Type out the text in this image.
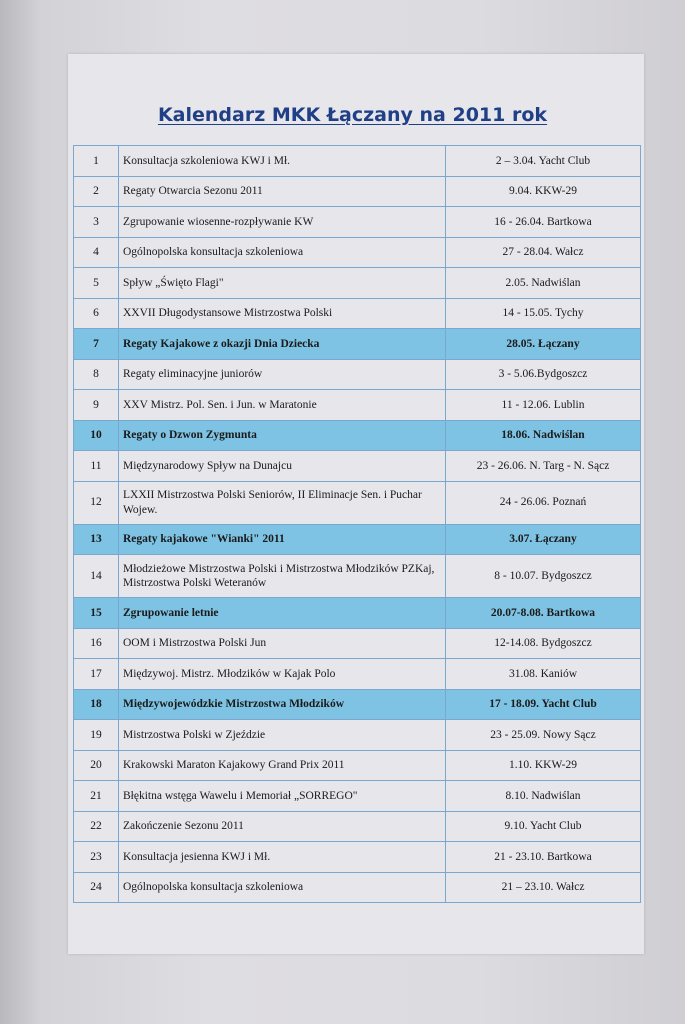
Kalendarz MKK Łączany na 2011 rok
1	Konsultacja szkoleniowa KWJ i Mł.	2 – 3.04. Yacht Club
2	Regaty Otwarcia Sezonu 2011	9.04. KKW-29
3	Zgrupowanie wiosenne-rozpływanie KW	16 - 26.04. Bartkowa
4	Ogólnopolska konsultacja szkoleniowa	27 - 28.04. Wałcz
5	Spływ „Święto Flagi"	2.05. Nadwiślan
6	XXVII Długodystansowe Mistrzostwa Polski	14 - 15.05. Tychy
7	Regaty Kajakowe z okazji Dnia Dziecka	28.05. Łączany
8	Regaty eliminacyjne juniorów	3 - 5.06.Bydgoszcz
9	XXV Mistrz. Pol. Sen. i Jun. w Maratonie	11 - 12.06. Lublin
10	Regaty o Dzwon Zygmunta	18.06. Nadwiślan
11	Międzynarodowy Spływ na Dunajcu	23 - 26.06. N. Targ - N. Sącz
12	LXXII Mistrzostwa Polski Seniorów, II Eliminacje Sen. i Puchar Wojew.	24 - 26.06. Poznań
13	Regaty kajakowe "Wianki" 2011	3.07. Łączany
14	Młodzieżowe Mistrzostwa Polski i Mistrzostwa Młodzików PZKaj, Mistrzostwa Polski Weteranów	8 - 10.07. Bydgoszcz
15	Zgrupowanie letnie	20.07-8.08. Bartkowa
16	OOM i Mistrzostwa Polski Jun	12-14.08. Bydgoszcz
17	Międzywoj. Mistrz. Młodzików w Kajak Polo	31.08. Kaniów
18	Międzywojewódzkie Mistrzostwa Młodzików	17 - 18.09. Yacht Club
19	Mistrzostwa Polski w Zjeździe	23 - 25.09. Nowy Sącz
20	Krakowski Maraton Kajakowy Grand Prix 2011	1.10. KKW-29
21	Błękitna wstęga Wawelu i Memoriał „SORREGO"	8.10. Nadwiślan
22	Zakończenie Sezonu 2011	9.10. Yacht Club
23	Konsultacja jesienna KWJ i Mł.	21 - 23.10. Bartkowa
24	Ogólnopolska konsultacja szkoleniowa	21 – 23.10. Wałcz
